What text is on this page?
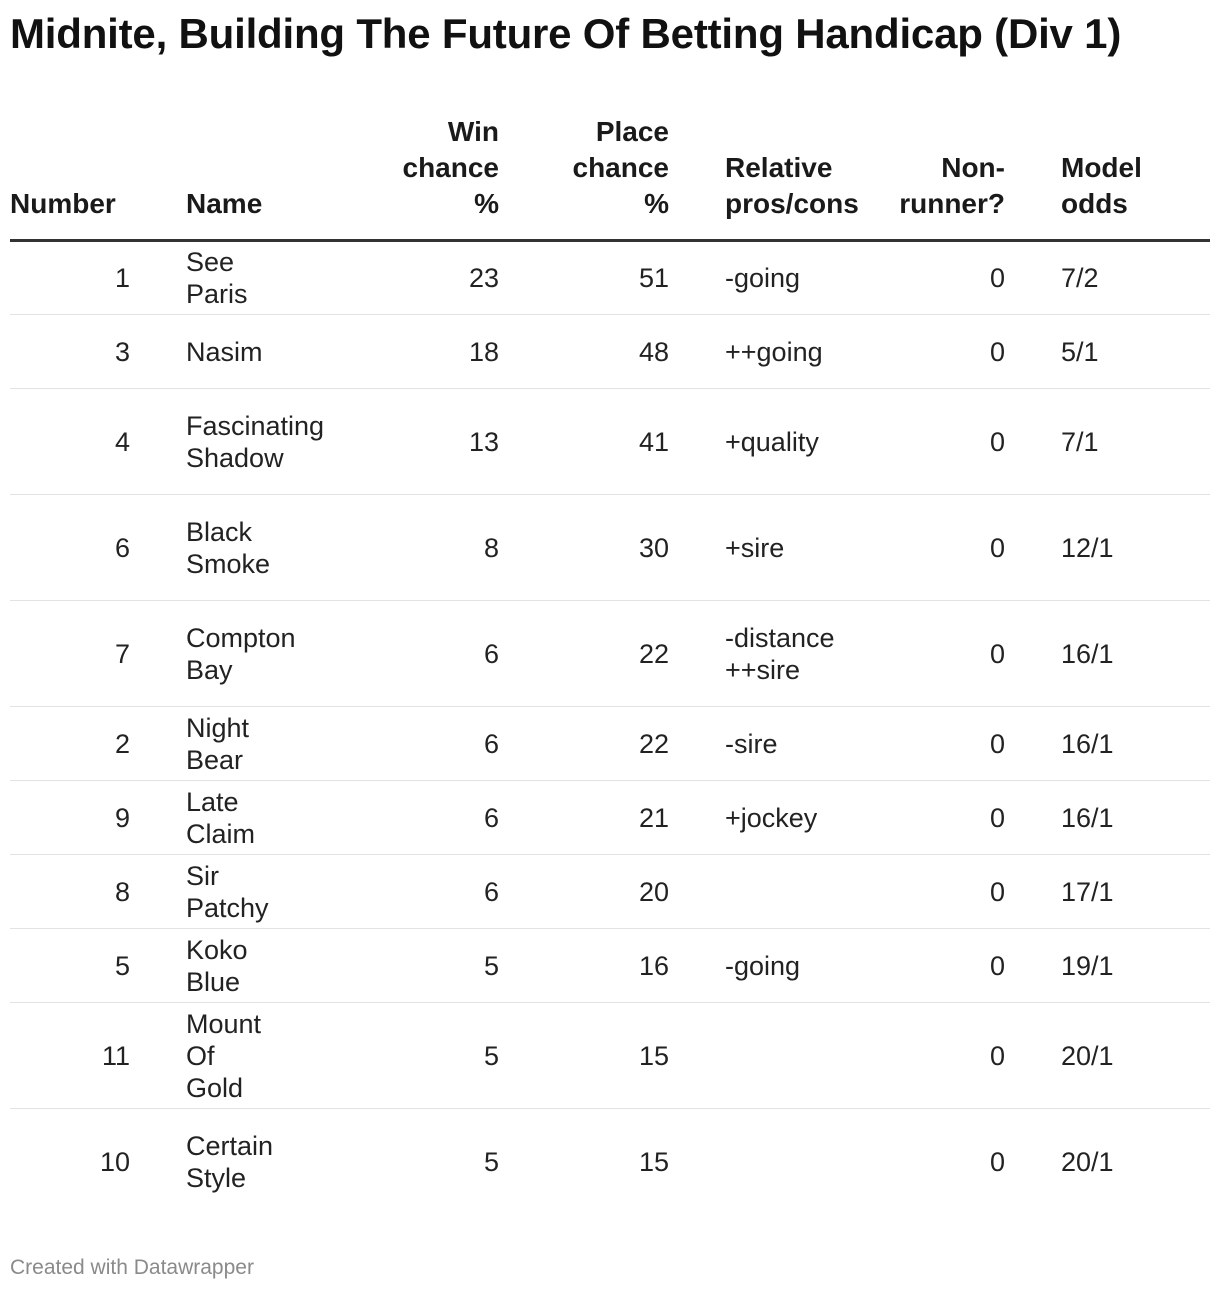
Midnite, Building The Future Of Betting Handicap (Div 1)
Number	Name	Win
chance
%	Place
chance
%	Relative
pros/cons	Non-
runner?	Model
odds

1	See Paris	23	51	-going	0	7/2
3	Nasim	18	48	++going	0	5/1
4	Fascinating
Shadow	13	41	+quality	0	7/1
6	Black
Smoke	8	30	+sire	0	12/1
7	Compton
Bay	6	22	-distance
++sire	0	16/1
2	Night Bear	6	22	-sire	0	16/1
9	Late Claim	6	21	+jockey	0	16/1
8	Sir Patchy	6	20		0	17/1
5	Koko Blue	5	16	-going	0	19/1
11	Mount Of
Gold	5	15		0	20/1
10	Certain
Style	5	15		0	20/1
Created with Datawrapper
